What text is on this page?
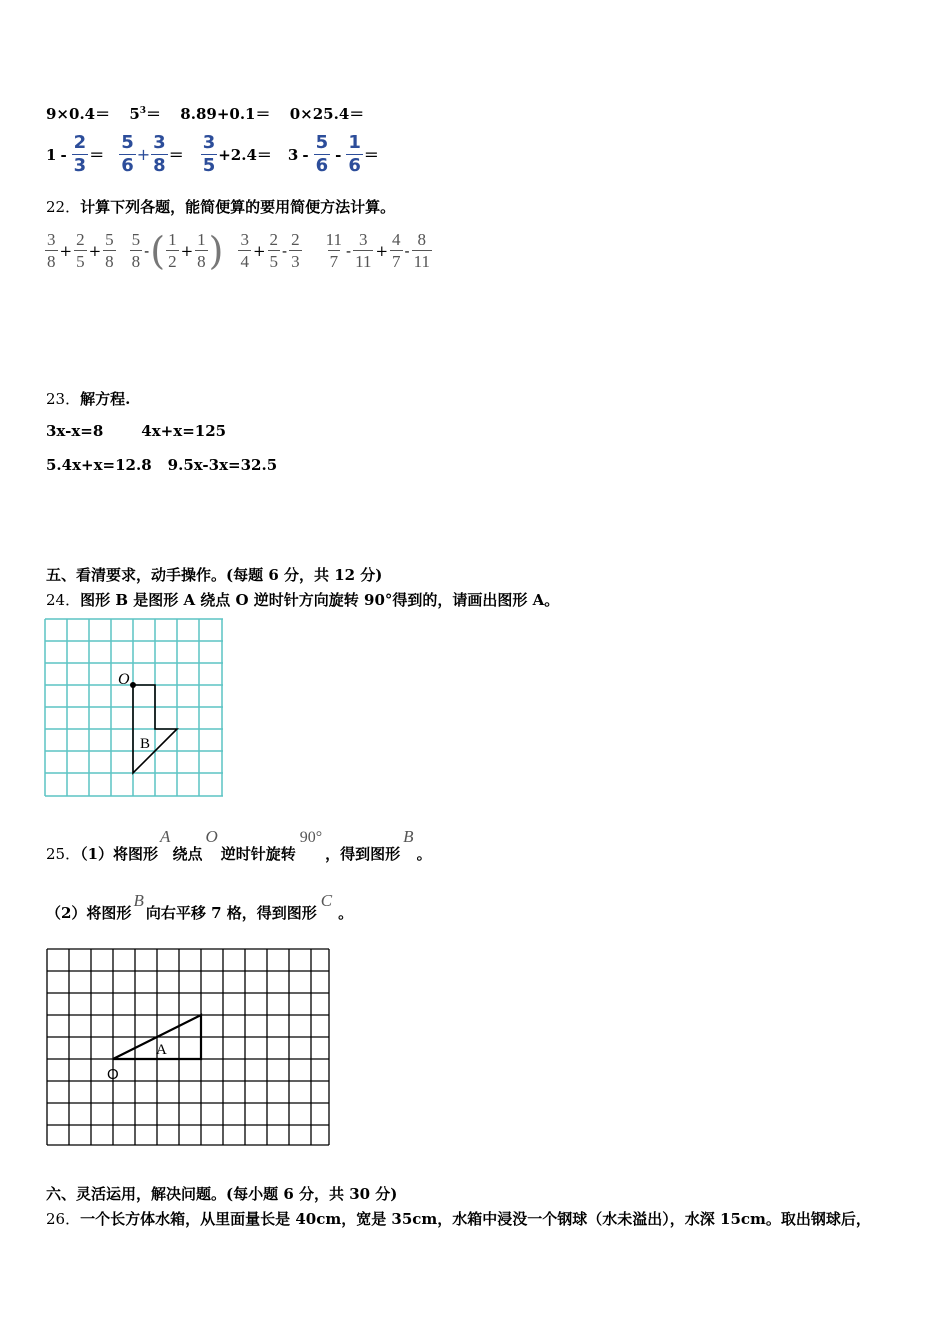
$9\times 0.4= 5^3= 8.89+0.1= 0\times 25.4=$
$1 - \frac{2}{3} = \frac{5}{6} + \frac{3}{8} = \frac{3}{5} +2.4= 3 - \frac{5}{6} - \frac{1}{6}$ ＝
22．计算下列各题，能简便算的要用简便方法计算。
$\frac{3}{8} + \frac{2}{5} + \frac{5}{8} \frac{5}{8}$ - ( $\frac{1}{2} + \frac{1}{8}$ ) $\frac{3}{4} + \frac{2}{5} - \frac{2}{3} \frac{11}{7} - \frac{3}{11} + \frac{4}{7} - \frac{8}{11}$
23．解方程.
3x-x=8	4x+x=125
5.4x+x=12.8 9.5x-3x=32.5
五、看清要求，动手操作。(每题 6 分，共 12 分)
24．图形 B 是图形 A 绕点 O 逆时针方向旋转 90°得到的，请画出图形 A。
O
B
25．（1）将图形A绕点O逆时针旋转90°，得到图形B。
（2）将图形B向右平移 7 格，得到图形C。
A
O
六、灵活运用，解决问题。(每小题 6 分，共 30 分)
26．一个长方体水箱，从里面量长是 40cm，宽是 35cm，水箱中浸没一个钢球（水未溢出），水深 15cm。取出钢球后，
